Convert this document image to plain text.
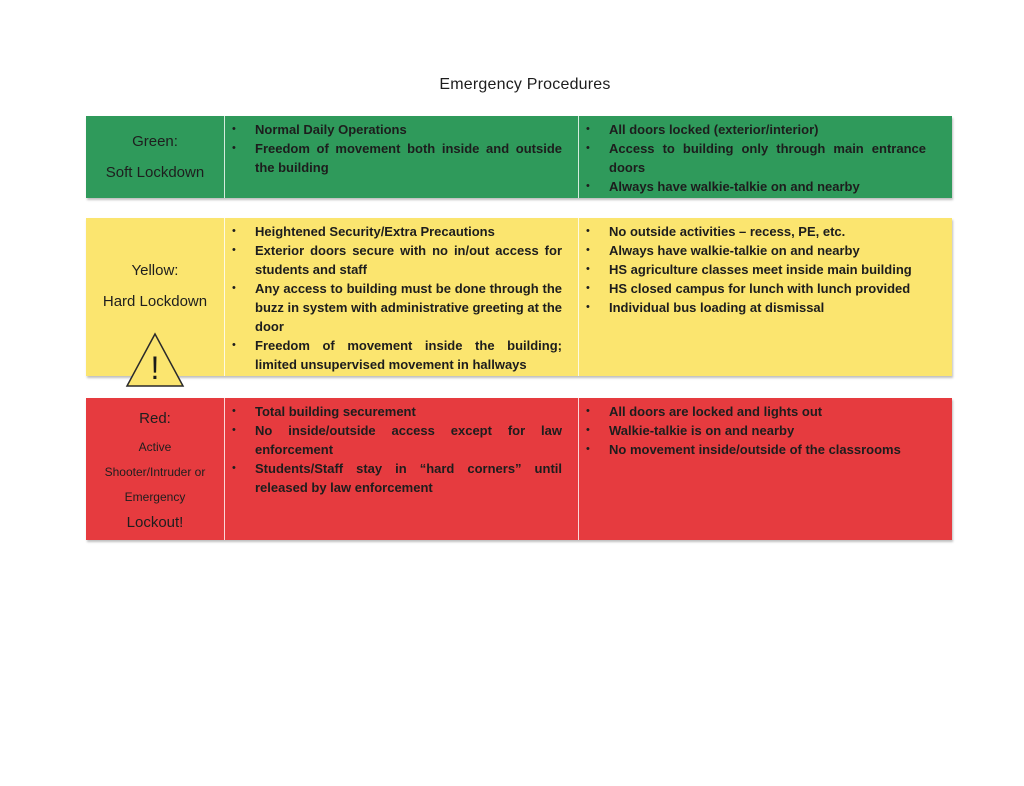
Emergency Procedures
Green:
Soft Lockdown
• Normal Daily Operations
• Freedom of movement both inside and outside the building
• All doors locked (exterior/interior)
• Access to building only through main entrance doors
• Always have walkie-talkie on and nearby
Yellow:
Hard Lockdown
!
• Heightened Security/Extra Precautions
• Exterior doors secure with no in/out access for students and staff
• Any access to building must be done through the buzz in system with administrative greeting at the door
• Freedom of movement inside the building; limited unsupervised movement in hallways
• No outside activities – recess, PE, etc.
• Always have walkie-talkie on and nearby
• HS agriculture classes meet inside main building
• HS closed campus for lunch with lunch provided
• Individual bus loading at dismissal
Red:
Active
Shooter/Intruder or
Emergency
Lockout!
• Total building securement
• No inside/outside access except for law enforcement
• Students/Staff stay in “hard corners” until released by law enforcement
• All doors are locked and lights out
• Walkie-talkie is on and nearby
• No movement inside/outside of the classrooms
